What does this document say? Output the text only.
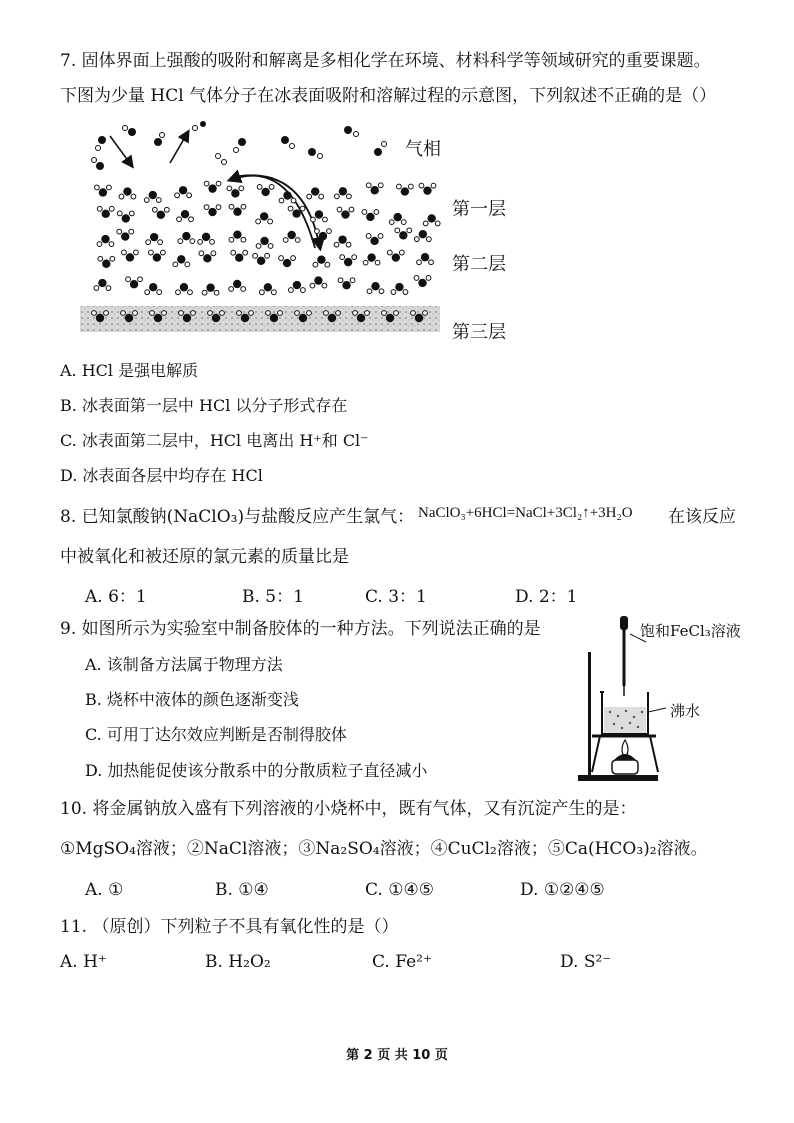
7. 固体界面上强酸的吸附和解离是多相化学在环境、材料科学等领域研究的重要课题。
下图为少量 HCl 气体分子在冰表面吸附和溶解过程的示意图，下列叙述不正确的是（）
气相
第一层
第二层
第三层
A. HCl 是强电解质
B. 冰表面第一层中 HCl 以分子形式存在
C. 冰表面第二层中，HCl 电离出 H⁺和 Cl⁻
D. 冰表面各层中均存在 HCl
8. 已知氯酸钠(NaClO₃)与盐酸反应产生氯气： NaClO₃+6HCl=NaCl+3Cl₂↑+3H₂O 在该反应
中被氧化和被还原的氯元素的质量比是
A. 6：1	B. 5：1	C. 3：1	D. 2：1
9. 如图所示为实验室中制备胶体的一种方法。下列说法正确的是
A. 该制备方法属于物理方法
B. 烧杯中液体的颜色逐渐变浅
C. 可用丁达尔效应判断是否制得胶体
D. 加热能促使该分散系中的分散质粒子直径减小
饱和FeCl₃溶液
沸水
10. 将金属钠放入盛有下列溶液的小烧杯中，既有气体，又有沉淀产生的是：
①MgSO₄溶液；②NaCl溶液；③Na₂SO₄溶液；④CuCl₂溶液；⑤Ca(HCO₃)₂溶液。
A. ①	B. ①④	C. ①④⑤	D. ①②④⑤
11. （原创）下列粒子不具有氧化性的是（）
A. H⁺	B. H₂O₂	C. Fe²⁺	D. S²⁻
第 2 页 共 10 页
